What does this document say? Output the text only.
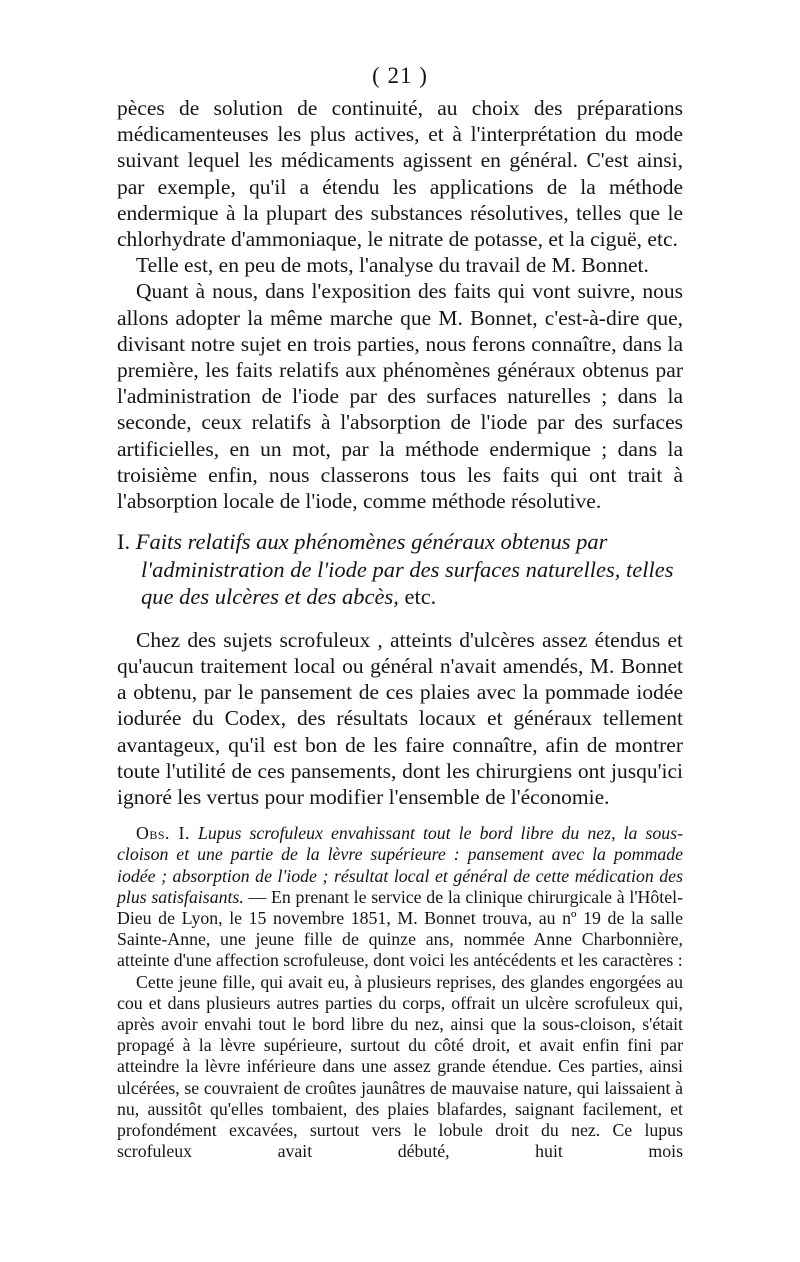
( 21 )

pèces de solution de continuité, au choix des préparations médicamenteuses les plus actives, et à l'interprétation du mode suivant lequel les médicaments agissent en général. C'est ainsi, par exemple, qu'il a étendu les applications de la méthode endermique à la plupart des substances résolutives, telles que le chlorhydrate d'ammoniaque, le nitrate de potasse, et la ciguë, etc.

Telle est, en peu de mots, l'analyse du travail de M. Bonnet.

Quant à nous, dans l'exposition des faits qui vont suivre, nous allons adopter la même marche que M. Bonnet, c'est-à-dire que, divisant notre sujet en trois parties, nous ferons connaître, dans la première, les faits relatifs aux phénomènes généraux obtenus par l'administration de l'iode par des surfaces naturelles ; dans la seconde, ceux relatifs à l'absorption de l'iode par des surfaces artificielles, en un mot, par la méthode endermique ; dans la troisième enfin, nous classerons tous les faits qui ont trait à l'absorption locale de l'iode, comme méthode résolutive.

I. Faits relatifs aux phénomènes généraux obtenus par l'administration de l'iode par des surfaces naturelles, telles que des ulcères et des abcès, etc.

Chez des sujets scrofuleux , atteints d'ulcères assez étendus et qu'aucun traitement local ou général n'avait amendés, M. Bonnet a obtenu, par le pansement de ces plaies avec la pommade iodée iodurée du Codex, des résultats locaux et généraux tellement avantageux, qu'il est bon de les faire connaître, afin de montrer toute l'utilité de ces pansements, dont les chirurgiens ont jusqu'ici ignoré les vertus pour modifier l'ensemble de l'économie.

Obs. I. Lupus scrofuleux envahissant tout le bord libre du nez, la sous-cloison et une partie de la lèvre supérieure : pansement avec la pommade iodée ; absorption de l'iode ; résultat local et général de cette médication des plus satisfaisants. — En prenant le service de la clinique chirurgicale à l'Hôtel-Dieu de Lyon, le 15 novembre 1851, M. Bonnet trouva, au nº 19 de la salle Sainte-Anne, une jeune fille de quinze ans, nommée Anne Charbonnière, atteinte d'une affection scrofuleuse, dont voici les antécédents et les caractères :

Cette jeune fille, qui avait eu, à plusieurs reprises, des glandes engorgées au cou et dans plusieurs autres parties du corps, offrait un ulcère scrofuleux qui, après avoir envahi tout le bord libre du nez, ainsi que la sous-cloison, s'était propagé à la lèvre supérieure, surtout du côté droit, et avait enfin fini par atteindre la lèvre inférieure dans une assez grande étendue. Ces parties, ainsi ulcérées, se couvraient de croûtes jaunâtres de mauvaise nature, qui laissaient à nu, aussitôt qu'elles tombaient, des plaies blafardes, saignant facilement, et profondément excavées, surtout vers le lobule droit du nez. Ce lupus scrofuleux avait débuté, huit mois
